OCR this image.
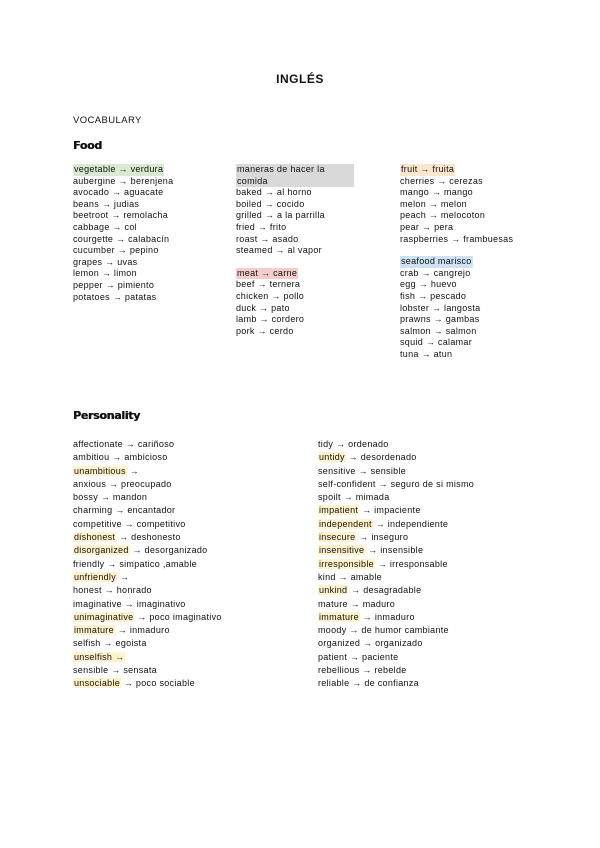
INGLÉS
VOCABULARY
Food
vegetable → verdura
aubergine → berenjena
avocado → aguacate
beans → judias
beetroot → remolacha
cabbage → col
courgette → calabacín
cucumber → pepino
grapes → uvas
lemon → limon
pepper → pimiento
potatoes → patatas
maneras de hacer la comida
baked → al horno
boiled → cocido
grilled → a la parrilla
fried → frito
roast → asado
steamed → al vapor
meat → carne
beef → ternera
chicken → pollo
duck → pato
lamb → cordero
pork → cerdo
fruit → fruita
cherries → cerezas
mango → mango
melon → melon
peach → melocoton
pear → pera
raspberries → frambuesas
seafood marisco
crab → cangrejo
egg → huevo
fish → pescado
lobster → langosta
prawns → gambas
salmon → salmon
squid → calamar
tuna → atun
Personality
affectionate → cariñoso
ambitiou → ambicioso
unambitious →
anxious → preocupado
bossy → mandon
charming → encantador
competitive → competitivo
dishonest → deshonesto
disorganized → desorganizado
friendly → simpatico ,amable
unfriendly →
honest → honrado
imaginative → imaginativo
unimaginative → poco imaginativo
immature → inmaduro
selfish → egoista
unselfish →
sensible → sensata
unsociable → poco sociable
tidy → ordenado
untidy → desordenado
sensitive → sensible
self-confident → seguro de si mismo
spoilt → mimada
impatient → impaciente
independent → independiente
insecure → inseguro
insensitive → insensible
irresponsible → irresponsable
kind → amable
unkind → desagradable
mature → maduro
immature → inmaduro
moody → de humor cambiante
organized → organizado
patient → paciente
rebellious → rebelde
reliable → de confianza
